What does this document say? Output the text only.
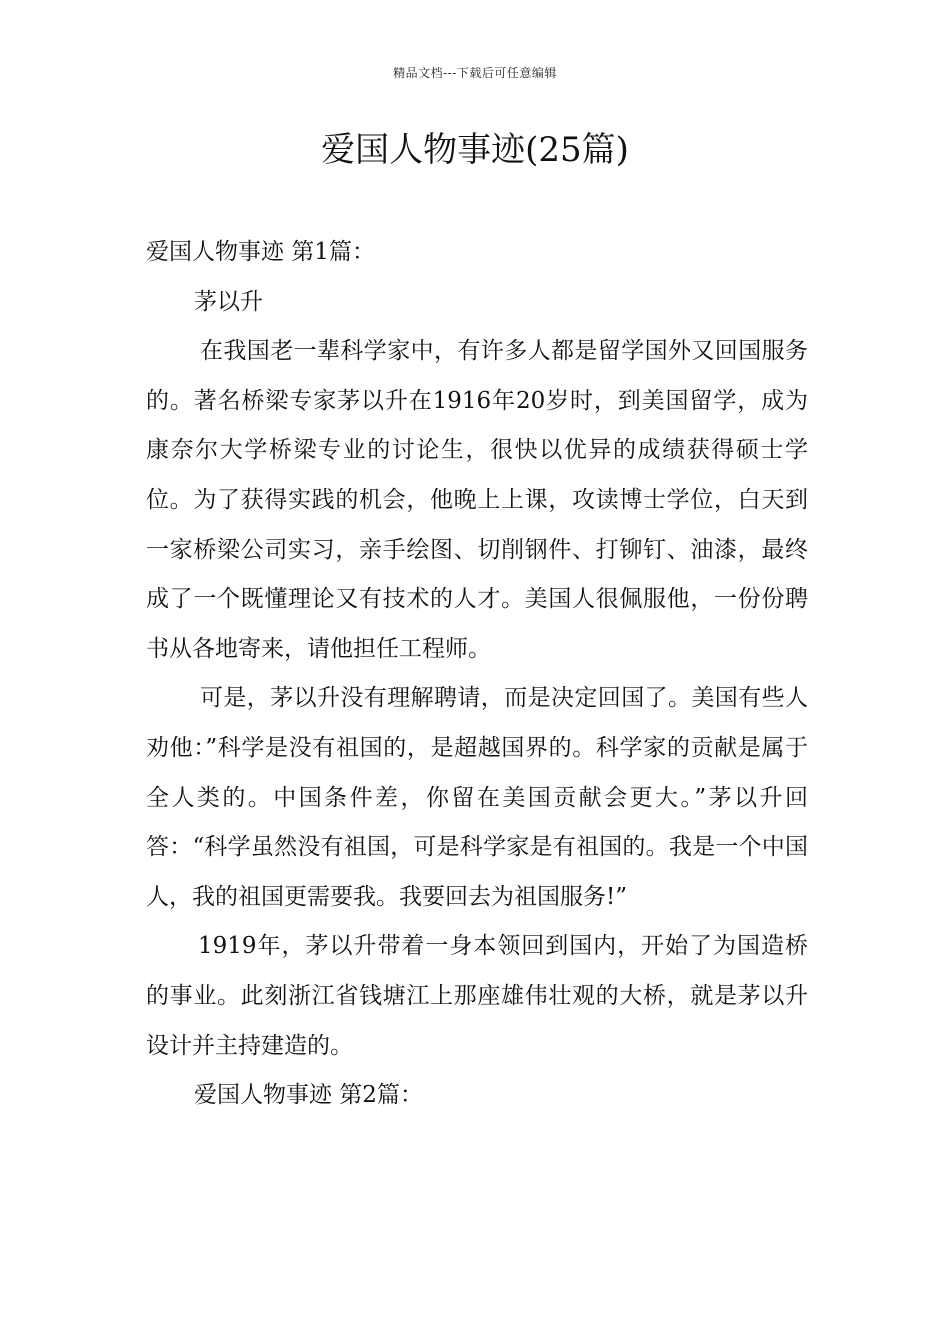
精品文档---下载后可任意编辑
爱国人物事迹(25篇)

爱国人物事迹 第1篇：

茅以升

在我国老一辈科学家中，有许多人都是留学国外又回国服务的。著名桥梁专家茅以升在1916年20岁时，到美国留学，成为康奈尔大学桥梁专业的讨论生，很快以优异的成绩获得硕士学位。为了获得实践的机会，他晚上上课，攻读博士学位，白天到一家桥梁公司实习，亲手绘图、切削钢件、打铆钉、油漆，最终成了一个既懂理论又有技术的人才。美国人很佩服他，一份份聘书从各地寄来，请他担任工程师。

可是，茅以升没有理解聘请，而是决定回国了。美国有些人劝他：”科学是没有祖国的，是超越国界的。科学家的贡献是属于全人类的。中国条件差，你留在美国贡献会更大。”茅以升回答：“科学虽然没有祖国，可是科学家是有祖国的。我是一个中国人，我的祖国更需要我。我要回去为祖国服务!”

1919年，茅以升带着一身本领回到国内，开始了为国造桥的事业。此刻浙江省钱塘江上那座雄伟壮观的大桥，就是茅以升设计并主持建造的。

爱国人物事迹 第2篇：
